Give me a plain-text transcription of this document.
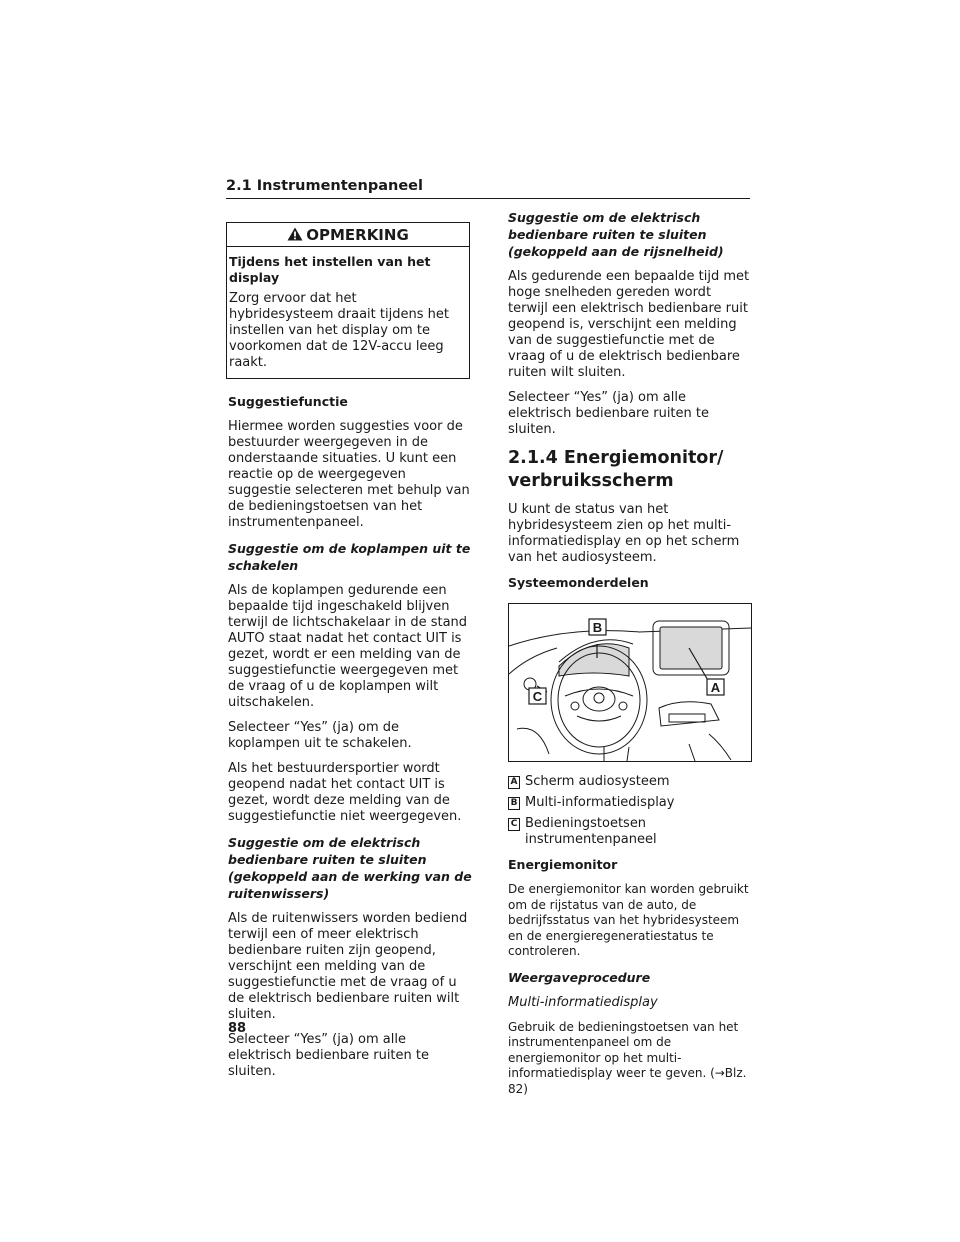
2.1 Instrumentenpaneel
OPMERKING
Tijdens het instellen van het display
Zorg ervoor dat het hybridesysteem draait tijdens het instellen van het display om te voorkomen dat de 12V-accu leeg raakt.
Suggestiefunctie

Hiermee worden suggesties voor de bestuurder weergegeven in de onderstaande situaties. U kunt een reactie op de weergegeven suggestie selecteren met behulp van de bedieningstoetsen van het instrumentenpaneel.

Suggestie om de koplampen uit te schakelen

Als de koplampen gedurende een bepaalde tijd ingeschakeld blijven terwijl de lichtschakelaar in de stand AUTO staat nadat het contact UIT is gezet, wordt er een melding van de suggestiefunctie weergegeven met de vraag of u de koplampen wilt uitschakelen.

Selecteer “Yes” (ja) om de koplampen uit te schakelen.

Als het bestuurdersportier wordt geopend nadat het contact UIT is gezet, wordt deze melding van de suggestiefunctie niet weergegeven.

Suggestie om de elektrisch bedienbare ruiten te sluiten (gekoppeld aan de werking van de ruitenwissers)

Als de ruitenwissers worden bediend terwijl een of meer elektrisch bedienbare ruiten zijn geopend, verschijnt een melding van de suggestiefunctie met de vraag of u de elektrisch bedienbare ruiten wilt sluiten.

Selecteer “Yes” (ja) om alle elektrisch bedienbare ruiten te sluiten.

Suggestie om de elektrisch bedienbare ruiten te sluiten (gekoppeld aan de rijsnelheid)

Als gedurende een bepaalde tijd met hoge snelheden gereden wordt terwijl een elektrisch bedienbare ruit geopend is, verschijnt een melding van de suggestiefunctie met de vraag of u de elektrisch bedienbare ruiten wilt sluiten.

Selecteer “Yes” (ja) om alle elektrisch bedienbare ruiten te sluiten.

2.1.4 Energiemonitor/ verbruiksscherm

U kunt de status van het hybridesysteem zien op het multi-informatiedisplay en op het scherm van het audiosysteem.

Systeemonderdelen
B
A
C
A Scherm audiosysteem
B Multi-informatiedisplay
C Bedieningstoetsen instrumentenpaneel
Energiemonitor

De energiemonitor kan worden gebruikt om de rijstatus van de auto, de bedrijfsstatus van het hybridesysteem en de energieregeneratiestatus te controleren.

Weergaveprocedure
Multi-informatiedisplay

Gebruik de bedieningstoetsen van het instrumentenpaneel om de energiemonitor op het multi-informatiedisplay weer te geven. (→Blz. 82)

88
